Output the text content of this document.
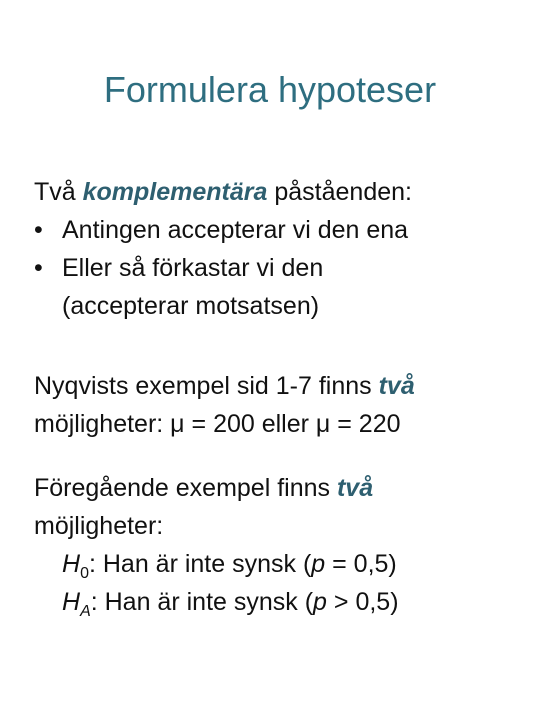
Formulera hypoteser
Två komplementära påståenden:
• Antingen accepterar vi den ena
• Eller så förkastar vi den
(accepterar motsatsen)
Nyqvists exempel sid 1-7 finns två
möjligheter: μ = 200 eller μ = 220
Föregående exempel finns två
möjligheter:
$H_0$: Han är inte synsk (p = 0,5)
$H_A$: Han är inte synsk (p > 0,5)
